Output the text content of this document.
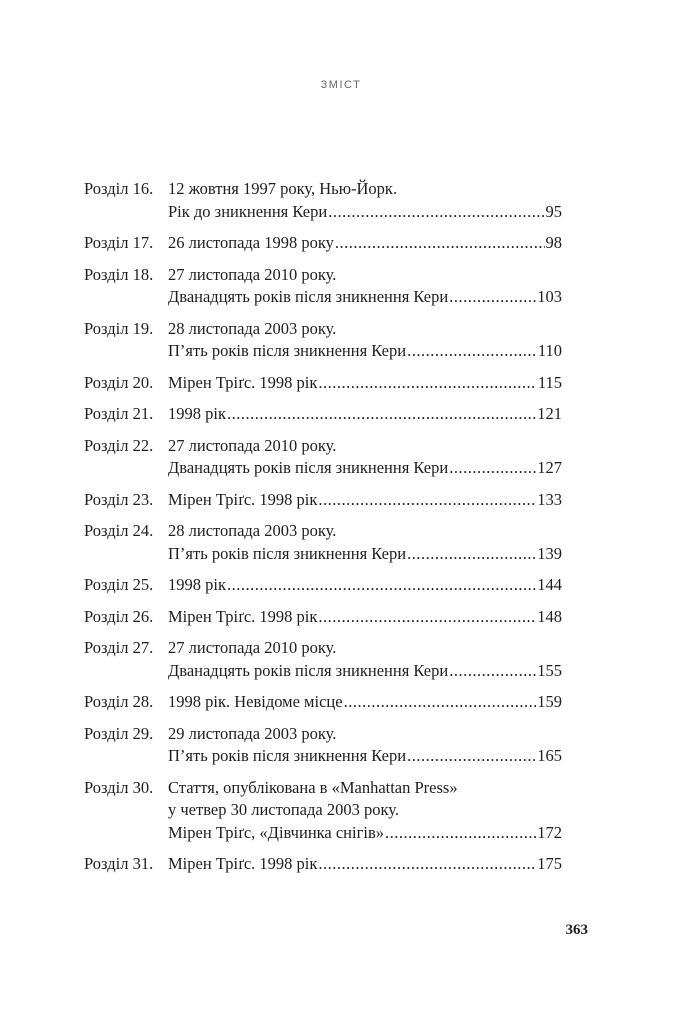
ЗМІСТ
Розділ 16. 12 жовтня 1997 року, Нью-Йорк.
Рік до зникнення Кери .....	95
Розділ 17. 26 листопада 1998 року .....	98
Розділ 18. 27 листопада 2010 року.
Дванадцять років після зникнення Кери .....	103
Розділ 19. 28 листопада 2003 року.
П’ять років після зникнення Кери .....	110
Розділ 20. Мірен Тріґс. 1998 рік .....	115
Розділ 21. 1998 рік .....	121
Розділ 22. 27 листопада 2010 року.
Дванадцять років після зникнення Кери .....	127
Розділ 23. Мірен Тріґс. 1998 рік .....	133
Розділ 24. 28 листопада 2003 року.
П’ять років після зникнення Кери .....	139
Розділ 25. 1998 рік .....	144
Розділ 26. Мірен Тріґс. 1998 рік .....	148
Розділ 27. 27 листопада 2010 року.
Дванадцять років після зникнення Кери .....	155
Розділ 28. 1998 рік. Невідоме місце .....	159
Розділ 29. 29 листопада 2003 року.
П’ять років після зникнення Кери .....	165
Розділ 30. Стаття, опублікована в «Manhattan Press»
у четвер 30 листопада 2003 року.
Мірен Тріґс, «Дівчинка снігів» .....	172
Розділ 31. Мірен Тріґс. 1998 рік .....	175
363
